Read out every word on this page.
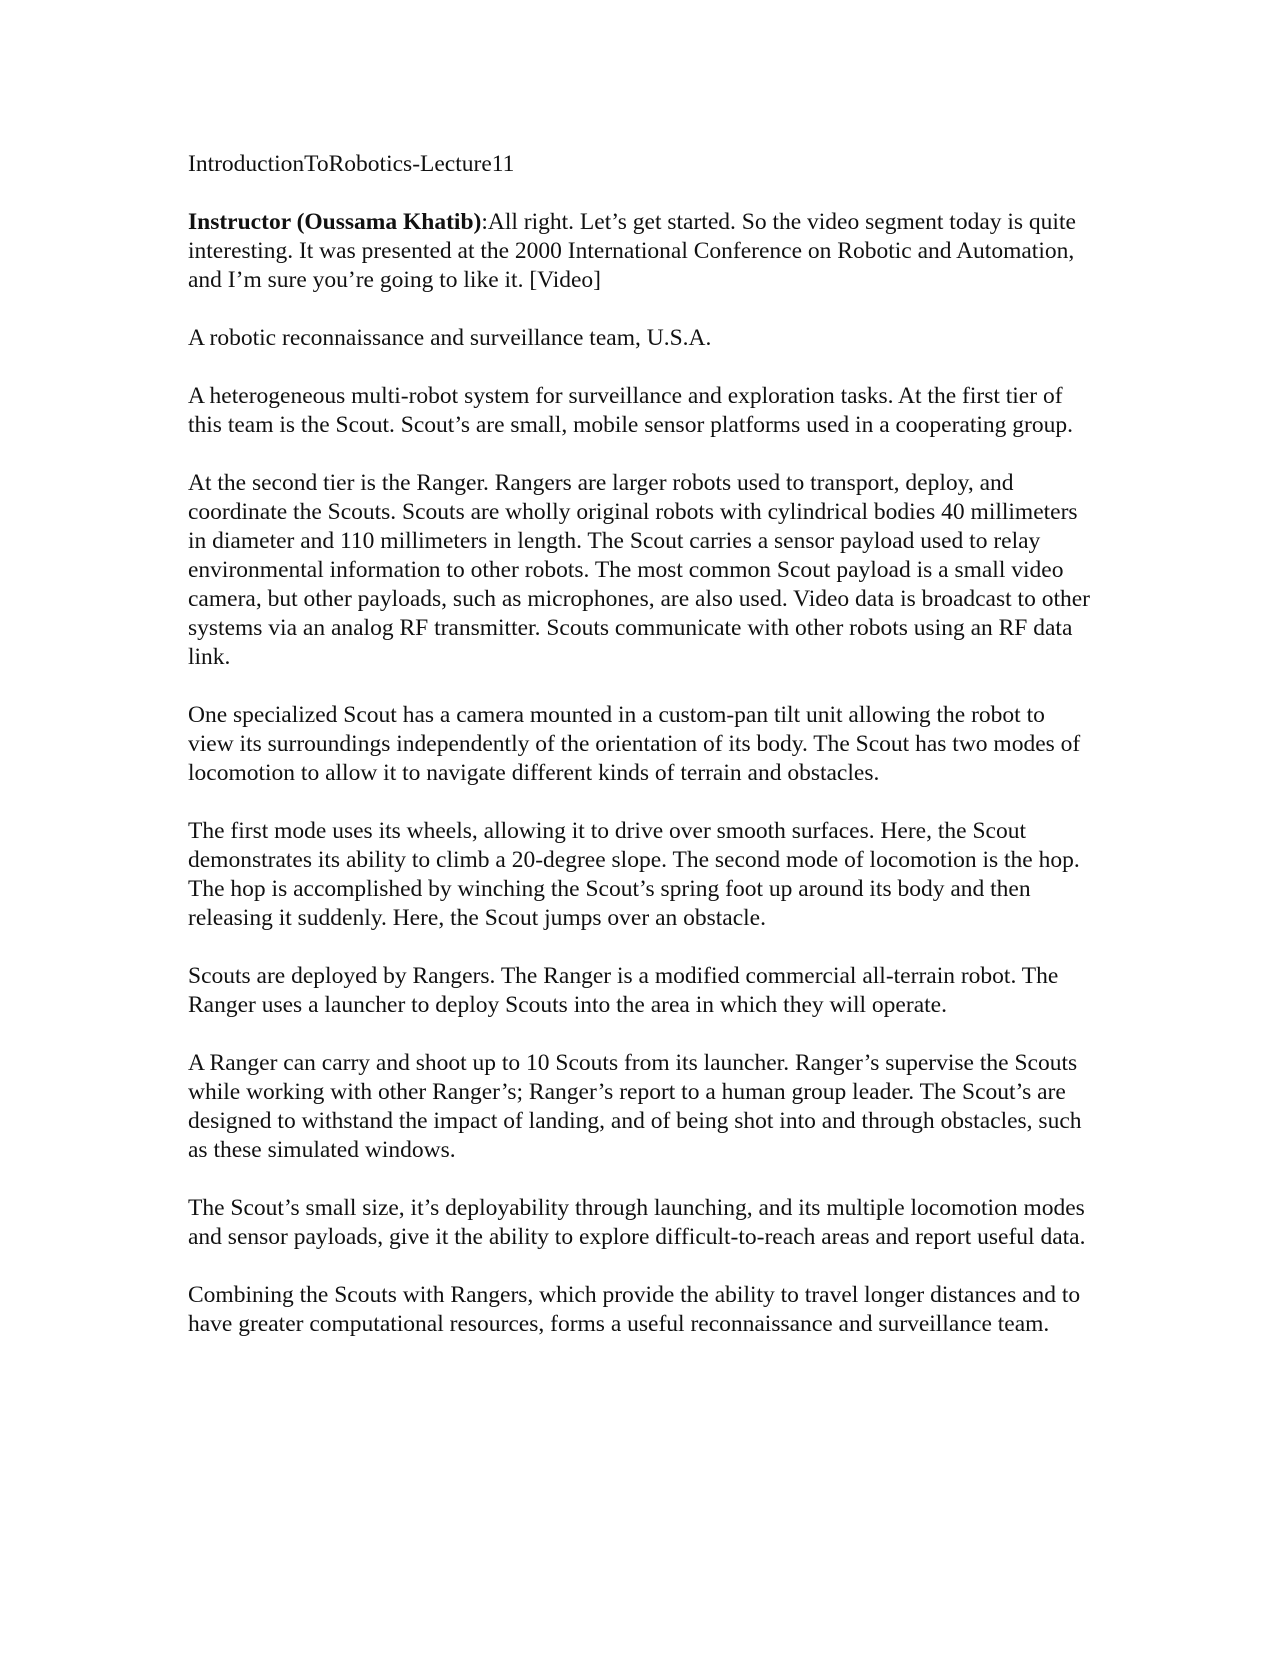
IntroductionToRobotics-Lecture11

Instructor (Oussama Khatib):All right. Let’s get started. So the video segment today is quite interesting. It was presented at the 2000 International Conference on Robotic and Automation, and I’m sure you’re going to like it. [Video]

A robotic reconnaissance and surveillance team, U.S.A.

A heterogeneous multi-robot system for surveillance and exploration tasks. At the first tier of this team is the Scout. Scout’s are small, mobile sensor platforms used in a cooperating group.

At the second tier is the Ranger. Rangers are larger robots used to transport, deploy, and coordinate the Scouts. Scouts are wholly original robots with cylindrical bodies 40 millimeters in diameter and 110 millimeters in length. The Scout carries a sensor payload used to relay environmental information to other robots. The most common Scout payload is a small video camera, but other payloads, such as microphones, are also used. Video data is broadcast to other systems via an analog RF transmitter. Scouts communicate with other robots using an RF data link.

One specialized Scout has a camera mounted in a custom-pan tilt unit allowing the robot to view its surroundings independently of the orientation of its body. The Scout has two modes of locomotion to allow it to navigate different kinds of terrain and obstacles.

The first mode uses its wheels, allowing it to drive over smooth surfaces. Here, the Scout demonstrates its ability to climb a 20-degree slope. The second mode of locomotion is the hop. The hop is accomplished by winching the Scout’s spring foot up around its body and then releasing it suddenly. Here, the Scout jumps over an obstacle.

Scouts are deployed by Rangers. The Ranger is a modified commercial all-terrain robot. The Ranger uses a launcher to deploy Scouts into the area in which they will operate.

A Ranger can carry and shoot up to 10 Scouts from its launcher. Ranger’s supervise the Scouts while working with other Ranger’s; Ranger’s report to a human group leader. The Scout’s are designed to withstand the impact of landing, and of being shot into and through obstacles, such as these simulated windows.

The Scout’s small size, it’s deployability through launching, and its multiple locomotion modes and sensor payloads, give it the ability to explore difficult-to-reach areas and report useful data.

Combining the Scouts with Rangers, which provide the ability to travel longer distances and to have greater computational resources, forms a useful reconnaissance and surveillance team.
